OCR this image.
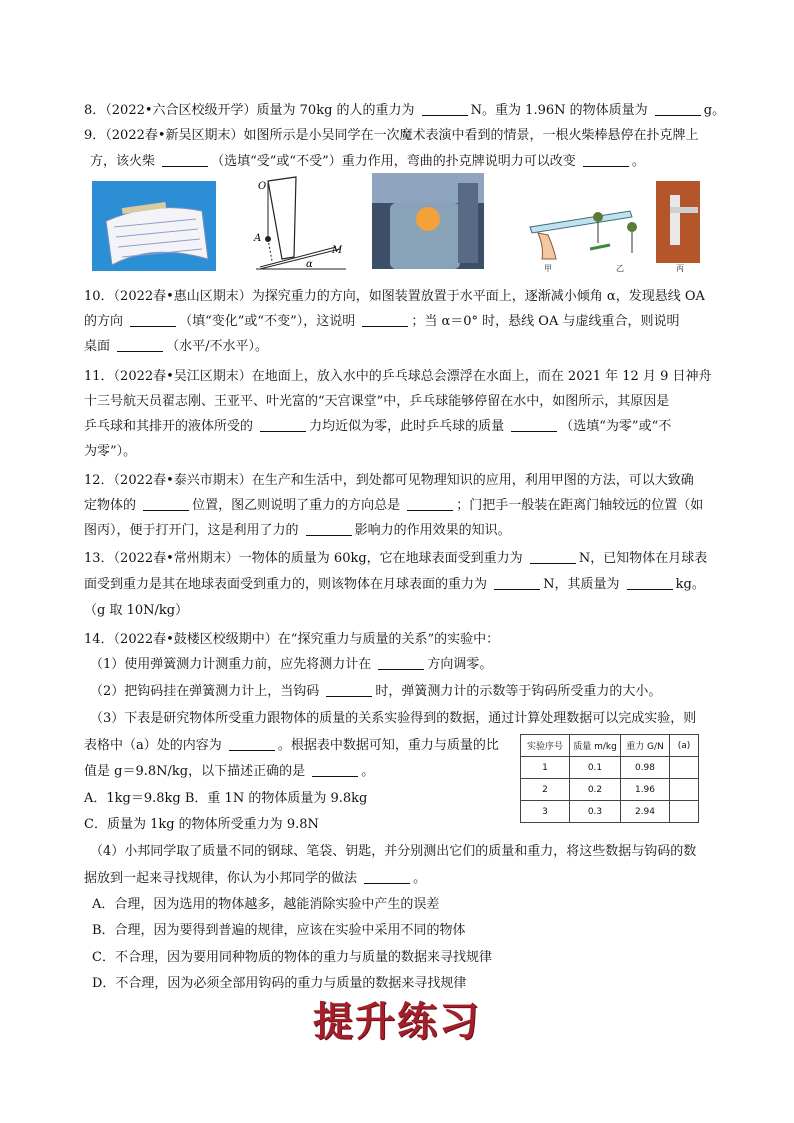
8．（2022•六合区校级开学）质量为 70kg 的人的重力为	N。重为 1.96N 的物体质量为	g。
9．（2022春•新吴区期末）如图所示是小吴同学在一次魔术表演中看到的情景，一根火柴棒悬停在扑克牌上
方，该火柴	（选填“受”或“不受”）重力作用，弯曲的扑克牌说明力可以改变	。
O
A
M
α	甲	乙	丙
10．（2022春•惠山区期末）为探究重力的方向，如图装置放置于水平面上，逐渐减小倾角 α，发现悬线 OA
的方向	（填“变化”或“不变”），这说明	；当 α＝0° 时，悬线 OA 与虚线重合，则说明
桌面	（水平/不水平）。
11．（2022春•吴江区期末）在地面上，放入水中的乒乓球总会漂浮在水面上，而在 2021 年 12 月 9 日神舟
十三号航天员翟志刚、王亚平、叶光富的“天宫课堂”中，乒乓球能够停留在水中，如图所示，其原因是
乒乓球和其排开的液体所受的	力均近似为零，此时乒乓球的质量	（选填“为零”或“不
为零”）。
12．（2022春•泰兴市期末）在生产和生活中，到处都可见物理知识的应用，利用甲图的方法，可以大致确
定物体的	位置，图乙则说明了重力的方向总是	；门把手一般装在距离门轴较远的位置（如
图丙），便于打开门，这是利用了力的	影响力的作用效果的知识。
13．（2022春•常州期末）一物体的质量为 60kg，它在地球表面受到重力为	N，已知物体在月球表
面受到重力是其在地球表面受到重力的，则该物体在月球表面的重力为	N，其质量为	kg。
（g 取 10N/kg）
14．（2022春•鼓楼区校级期中）在“探究重力与质量的关系”的实验中：
（1）使用弹簧测力计测重力前，应先将测力计在	方向调零。
（2）把钩码挂在弹簧测力计上，当钩码	时，弹簧测力计的示数等于钩码所受重力的大小。
（3）下表是研究物体所受重力跟物体的质量的关系实验得到的数据，通过计算处理数据可以完成实验，则
表格中（a）处的内容为	。根据表中数据可知，重力与质量的比
值是 g＝9.8N/kg，以下描述正确的是	。
A．1kg＝9.8kg B．重 1N 的物体质量为 9.8kg
C．质量为 1kg 的物体所受重力为 9.8N
实验序号	质量 m/kg	重力 G/N	(a)
1	0.1	0.98	
2	0.2	1.96	
3	0.3	2.94	
（4）小邦同学取了质量不同的钢球、笔袋、钥匙，并分别测出它们的质量和重力，将这些数据与钩码的数
据放到一起来寻找规律，你认为小邦同学的做法	。
A．合理，因为选用的物体越多，越能消除实验中产生的误差
B．合理，因为要得到普遍的规律，应该在实验中采用不同的物体
C．不合理，因为要用同种物质的物体的重力与质量的数据来寻找规律
D．不合理，因为必须全部用钩码的重力与质量的数据来寻找规律
提升练习
